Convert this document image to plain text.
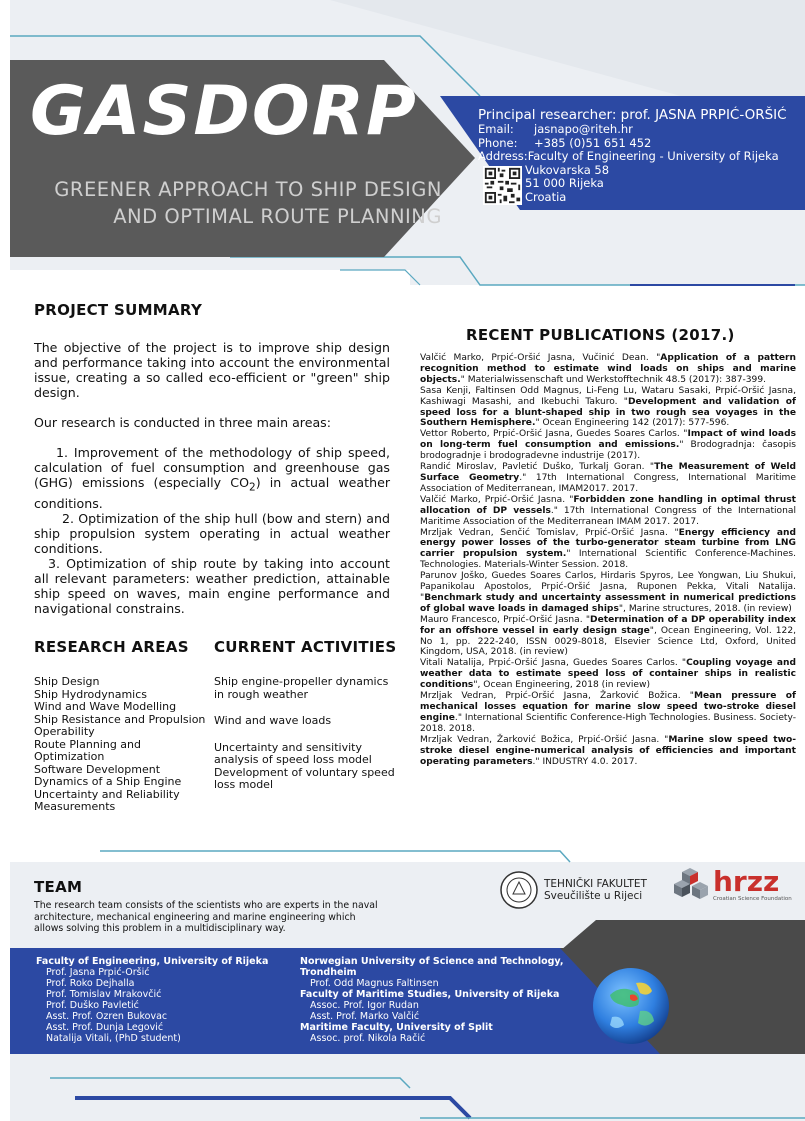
GASDORP
GREENER APPROACH TO SHIP DESIGN
AND OPTIMAL ROUTE PLANNING
Principal researcher: prof. JASNA PRPIĆ-ORŠIĆ
Email:	jasnapo@riteh.hr
Phone:	+385 (0)51 651 452
Address: Faculty of Engineering - University of Rijeka
Vukovarska 58
51 000 Rijeka
Croatia
PROJECT SUMMARY

The objective of the project is to improve ship design and performance taking into account the environmental issue, creating a so called eco-efficient or "green" ship design.

Our research is conducted in three main areas:

1. Improvement of the methodology of ship speed, calculation of fuel consumption and greenhouse gas (GHG) emissions (especially $CO_2$) in actual weather conditions.

2. Optimization of the ship hull (bow and stern) and ship propulsion system operating in actual weather conditions.

3. Optimization of ship route by taking into account all relevant parameters: weather prediction, attainable ship speed on waves, main engine performance and navigational constrains.

RESEARCH AREAS
Ship Design
Ship Hydrodynamics
Wind and Wave Modelling
Ship Resistance and Propulsion
Operability
Route Planning and Optimization
Software Development
Dynamics of a Ship Engine
Uncertainty and Reliability
Measurements
CURRENT ACTIVITIES
Ship engine-propeller dynamics in rough weather
Wind and wave loads
Uncertainty and sensitivity analysis of speed loss model
Development of voluntary speed loss model
RECENT PUBLICATIONS (2017.)
Valčić Marko, Prpić-Oršić Jasna, Vučinić Dean. "Application of a pattern recognition method to estimate wind loads on ships and marine objects." Materialwissenschaft und Werkstofftechnik 48.5 (2017): 387-399.
Sasa Kenji, Faltinsen Odd Magnus, Li-Feng Lu, Wataru Sasaki, Prpić-Oršić Jasna, Kashiwagi Masashi, and Ikebuchi Takuro. "Development and validation of speed loss for a blunt-shaped ship in two rough sea voyages in the Southern Hemisphere." Ocean Engineering 142 (2017): 577-596.
Vettor Roberto, Prpić-Oršić Jasna, Guedes Soares Carlos. "Impact of wind loads on long-term fuel consumption and emissions." Brodogradnja: časopis brodogradnje i brodogradevne industrije (2017).
Randić Miroslav, Pavletić Duško, Turkalj Goran. "The Measurement of Weld Surface Geometry." 17th International Congress, International Maritime Association of Mediterranean, IMAM2017. 2017.
Valčić Marko, Prpić-Oršić Jasna. "Forbidden zone handling in optimal thrust allocation of DP vessels." 17th International Congress of the International Maritime Association of the Mediterranean IMAM 2017. 2017.
Mrzljak Vedran, Senčić Tomislav, Prpić-Oršić Jasna. "Energy efficiency and energy power losses of the turbo-generator steam turbine from LNG carrier propulsion system." International Scientific Conference-Machines. Technologies. Materials-Winter Session. 2018.
Parunov Joško, Guedes Soares Carlos, Hirdaris Spyros, Lee Yongwan, Liu Shukui, Papanikolau Apostolos, Prpić-Oršić Jasna, Ruponen Pekka, Vitali Natalija. "Benchmark study and uncertainty assessment in numerical predictions of global wave loads in damaged ships", Marine structures, 2018. (in review)
Mauro Francesco, Prpić-Oršić Jasna. "Determination of a DP operability index for an offshore vessel in early design stage", Ocean Engineering, Vol. 122, No 1, pp. 222-240, ISSN 0029-8018, Elsevier Science Ltd, Oxford, United Kingdom, USA, 2018. (in review)
Vitali Natalija, Prpić-Oršić Jasna, Guedes Soares Carlos. "Coupling voyage and weather data to estimate speed loss of container ships in realistic conditions", Ocean Engineering, 2018 (in review)
Mrzljak Vedran, Prpić-Oršić Jasna, Žarković Božica. "Mean pressure of mechanical losses equation for marine slow speed two-stroke diesel engine." International Scientific Conference-High Technologies. Business. Society-2018. 2018.
Mrzljak Vedran, Žarković Božica, Prpić-Oršić Jasna. "Marine slow speed two-stroke diesel engine-numerical analysis of efficiencies and important operating parameters." INDUSTRY 4.0. 2017.
TEAM
The research team consists of the scientists who are experts in the naval architecture, mechanical engineering and marine engineering which allows solving this problem in a multidisciplinary way.
TEHNIČKI FAKULTET
Sveučilište u Rijeci	hrzz
Croatian Science Foundation
Faculty of Engineering, University of Rijeka
Prof. Jasna Prpić-Oršić
Prof. Roko Dejhalla
Prof. Tomislav Mrakovčić
Prof. Duško Pavletić
Asst. Prof. Ozren Bukovac
Asst. Prof. Dunja Legović
Natalija Vitali, (PhD student)
Norwegian University of Science and Technology, Trondheim
Prof. Odd Magnus Faltinsen
Faculty of Maritime Studies, University of Rijeka
Assoc. Prof. Igor Rudan
Asst. Prof. Marko Valčić
Maritime Faculty, University of Split
Assoc. prof. Nikola Račić
